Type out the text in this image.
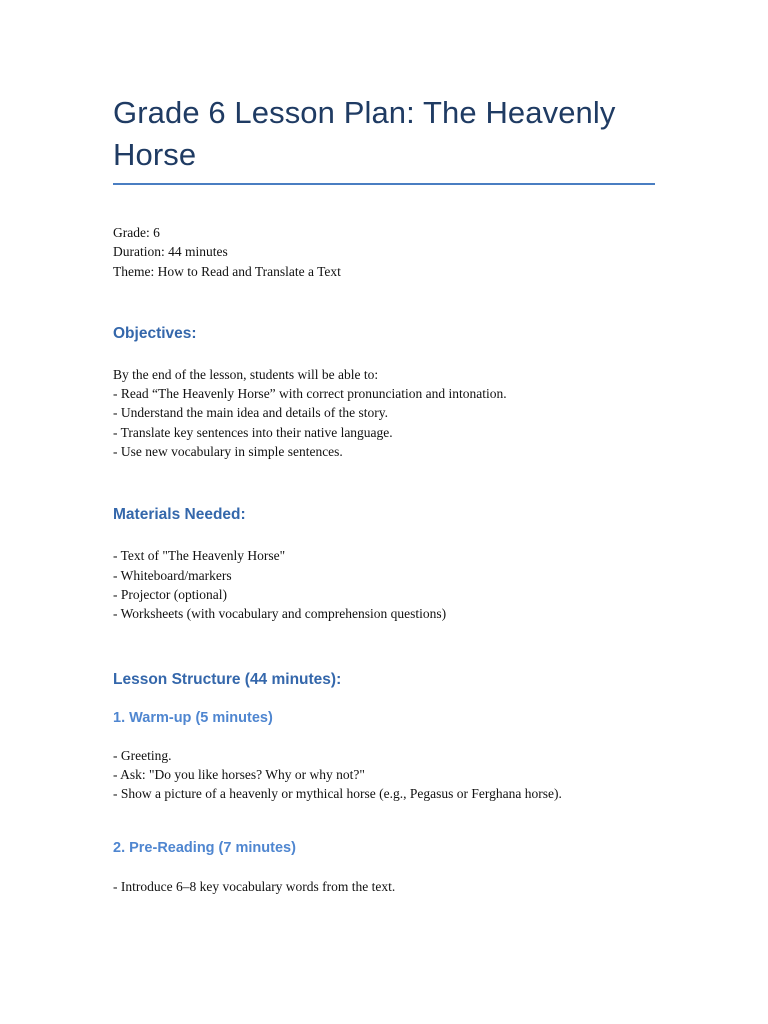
Grade 6 Lesson Plan: The Heavenly Horse
Grade: 6
Duration: 44 minutes
Theme: How to Read and Translate a Text
Objectives:
By the end of the lesson, students will be able to:
- Read “The Heavenly Horse” with correct pronunciation and intonation.
- Understand the main idea and details of the story.
- Translate key sentences into their native language.
- Use new vocabulary in simple sentences.
Materials Needed:
- Text of "The Heavenly Horse"
- Whiteboard/markers
- Projector (optional)
- Worksheets (with vocabulary and comprehension questions)
Lesson Structure (44 minutes):
1. Warm-up (5 minutes)
- Greeting.
- Ask: "Do you like horses? Why or why not?"
- Show a picture of a heavenly or mythical horse (e.g., Pegasus or Ferghana horse).
2. Pre-Reading (7 minutes)
- Introduce 6–8 key vocabulary words from the text.
